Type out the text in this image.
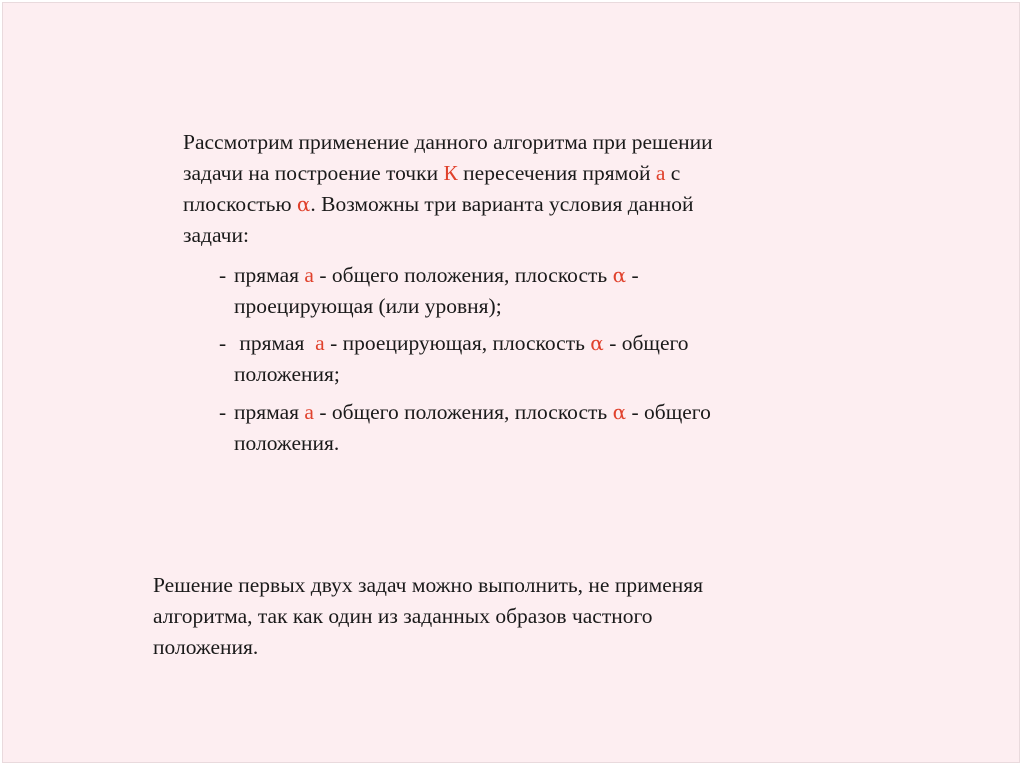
Рассмотрим применение данного алгоритма при решении
задачи на построение точки К пересечения прямой а с
плоскостью α. Возможны три варианта условия данной
задачи:

- прямая а - общего положения, плоскость α -
проецирующая (или уровня);

- прямая  а - проецирующая, плоскость α - общего
положения;

- прямая а - общего положения, плоскость α - общего
положения.

Решение первых двух задач можно выполнить, не применяя
алгоритма, так как один из заданных образов частного
положения.
